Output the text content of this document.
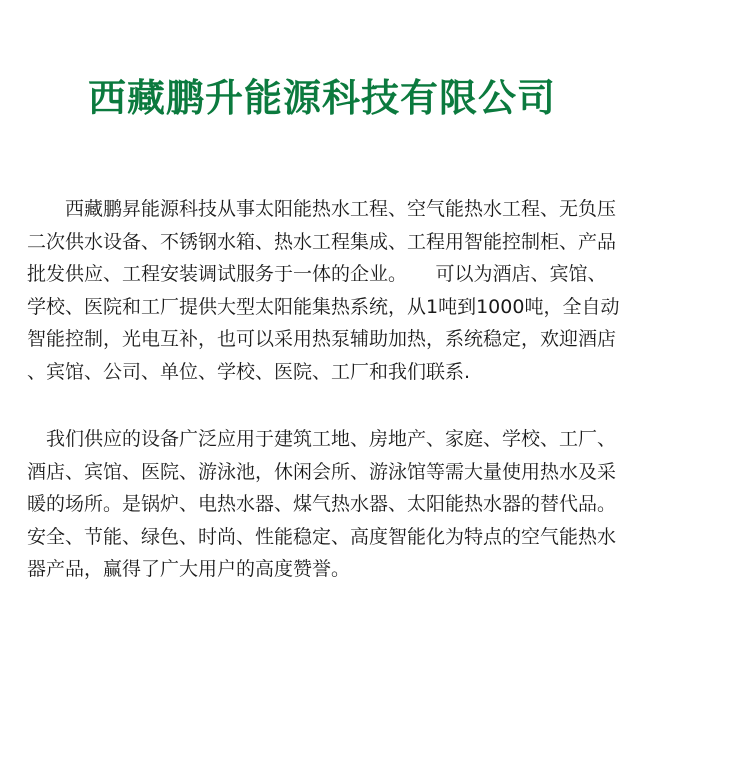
西藏鹏升能源科技有限公司

　　西藏鹏昇能源科技从事太阳能热水工程、空气能热水工程、无负压
二次供水设备、不锈钢水箱、热水工程集成、工程用智能控制柜、产品
批发供应、工程安装调试服务于一体的企业。　　可以为酒店、宾馆、
学校、医院和工厂提供大型太阳能集热系统，从1吨到1000吨，全自动
智能控制，光电互补，也可以采用热泵辅助加热，系统稳定，欢迎酒店
、宾馆、公司、单位、学校、医院、工厂和我们联系.

　我们供应的设备广泛应用于建筑工地、房地产、家庭、学校、工厂、
酒店、宾馆、医院、游泳池，休闲会所、游泳馆等需大量使用热水及采
暖的场所。是锅炉、电热水器、煤气热水器、太阳能热水器的替代品。
安全、节能、绿色、时尚、性能稳定、高度智能化为特点的空气能热水
器产品，赢得了广大用户的高度赞誉。
